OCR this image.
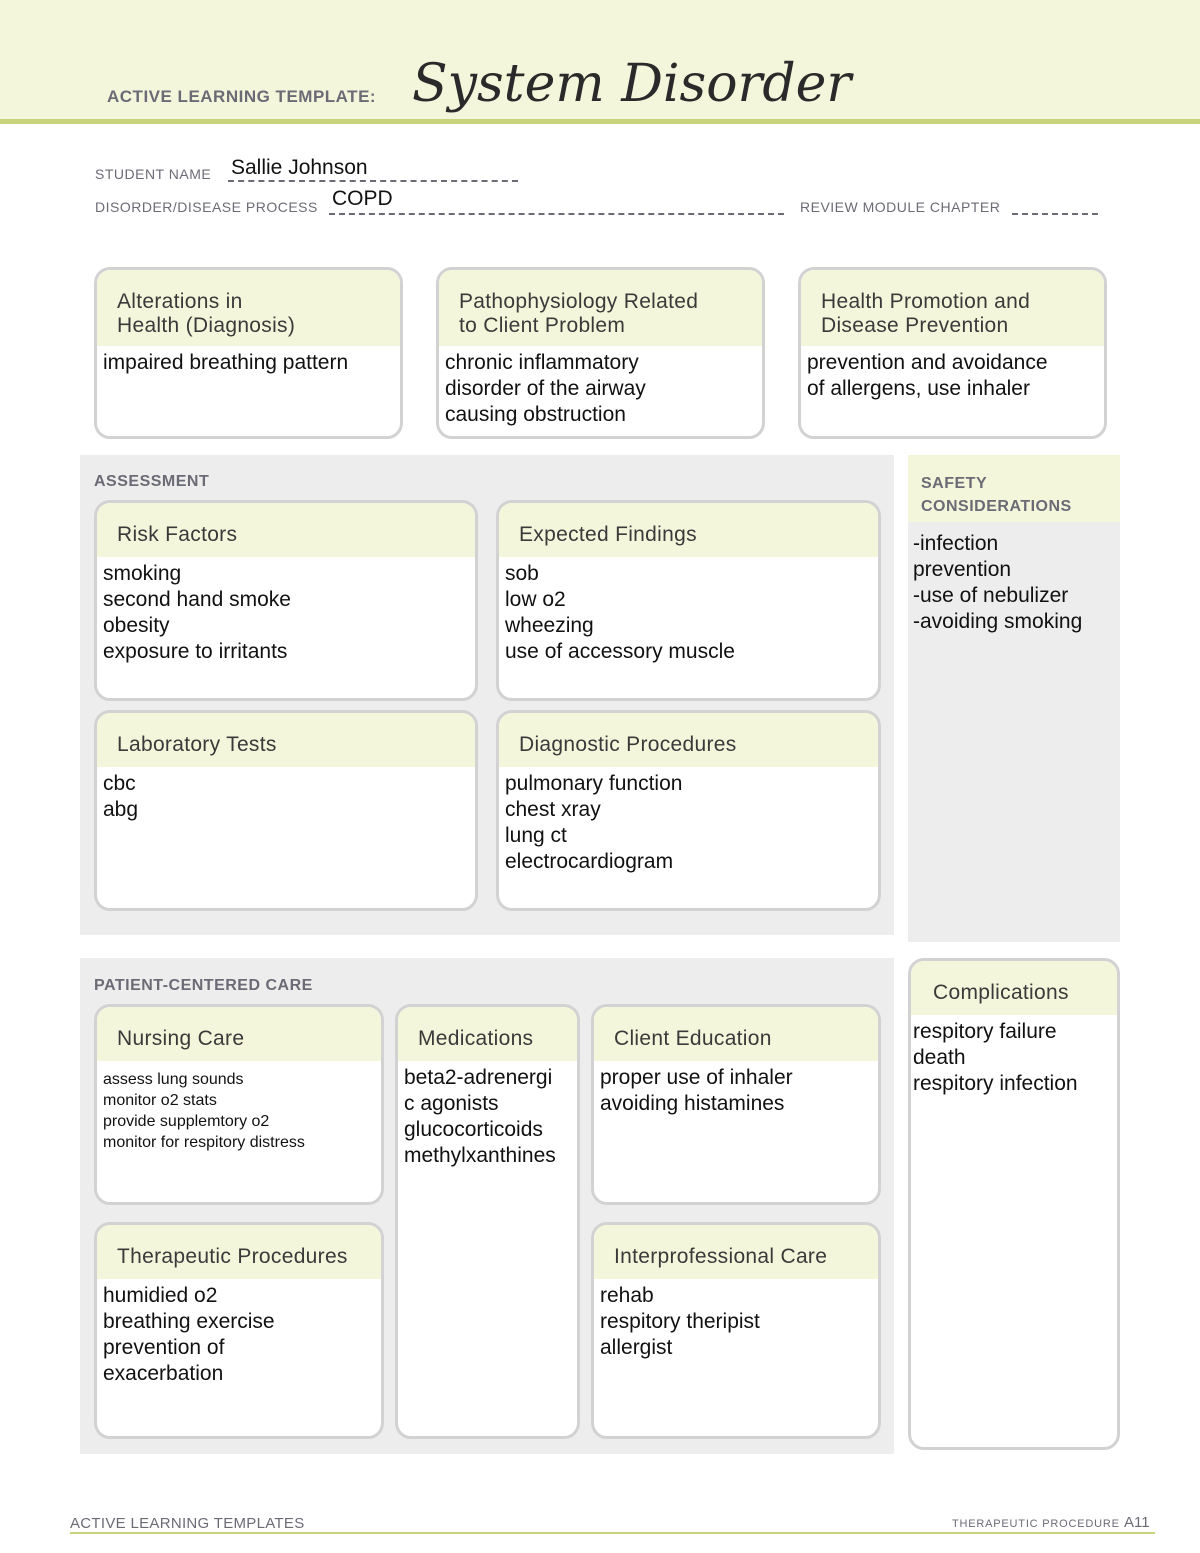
ACTIVE LEARNING TEMPLATE: System Disorder
STUDENT NAME Sallie Johnson
DISORDER/DISEASE PROCESS COPD	REVIEW MODULE CHAPTER
Alterations in
Health (Diagnosis)
impaired breathing pattern
Pathophysiology Related
to Client Problem
chronic inflammatory
disorder of the airway
causing obstruction
Health Promotion and
Disease Prevention
prevention and avoidance
of allergens, use inhaler
ASSESSMENT
Risk Factors
smoking
second hand smoke
obesity
exposure to irritants
Expected Findings
sob
low o2
wheezing
use of accessory muscle
Laboratory Tests
cbc
abg
Diagnostic Procedures
pulmonary function
chest xray
lung ct
electrocardiogram
SAFETY
CONSIDERATIONS
-infection
prevention
-use of nebulizer
-avoiding smoking
PATIENT-CENTERED CARE
Nursing Care
assess lung sounds
monitor o2 stats
provide supplemtory o2
monitor for respitory distress
Medications
beta2-adrenergi
c agonists
glucocorticoids
methylxanthines
Client Education
proper use of inhaler
avoiding histamines
Therapeutic Procedures
humidied o2
breathing exercise
prevention of
exacerbation
Interprofessional Care
rehab
respitory theripist
allergist
Complications
respitory failure
death
respitory infection
ACTIVE LEARNING TEMPLATES	THERAPEUTIC PROCEDURE A11
